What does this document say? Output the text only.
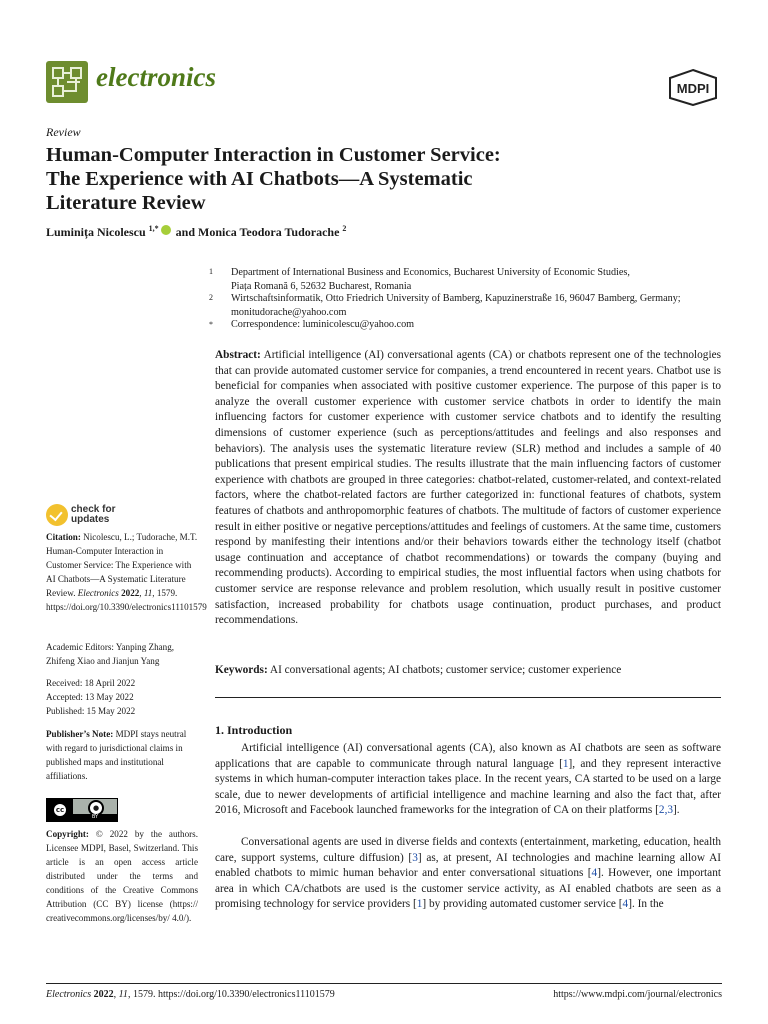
electronics	MDPI
Review
Human-Computer Interaction in Customer Service:
The Experience with AI Chatbots—A Systematic
Literature Review
Luminița Nicolescu $^{1,*}$ and Monica Teodora Tudorache $^2$
1 Department of International Business and Economics, Bucharest University of Economic Studies,
Piața Romană 6, 52632 Bucharest, Romania
2 Wirtschaftsinformatik, Otto Friedrich University of Bamberg, Kapuzinerstraße 16, 96047 Bamberg, Germany;
monitudorache@yahoo.com
* Correspondence: luminicolescu@yahoo.com
Abstract: Artificial intelligence (AI) conversational agents (CA) or chatbots represent one of the technologies that can provide automated customer service for companies, a trend encountered in recent years. Chatbot use is beneficial for companies when associated with positive customer experience. The purpose of this paper is to analyze the overall customer experience with customer service chatbots in order to identify the main influencing factors for customer experience with customer service chatbots and to identify the resulting dimensions of customer experience (such as perceptions/attitudes and feelings and also responses and behaviors). The analysis uses the systematic literature review (SLR) method and includes a sample of 40 publications that present empirical studies. The results illustrate that the main influencing factors of customer experience with chatbots are grouped in three categories: chatbot-related, customer-related, and context-related factors, where the chatbot-related factors are further categorized in: functional features of chatbots, system features of chatbots and anthropomorphic features of chatbots. The multitude of factors of customer experience result in either positive or negative perceptions/attitudes and feelings of customers. At the same time, customers respond by manifesting their intentions and/or their behaviors towards either the technology itself (chatbot usage continuation and acceptance of chatbot recommendations) or towards the company (buying and recommending products). According to empirical studies, the most influential factors when using chatbots for customer service are response relevance and problem resolution, which usually result in positive customer satisfaction, increased probability for chatbots usage continuation, product purchases, and product recommendations.
Keywords: AI conversational agents; AI chatbots; customer service; customer experience
1. Introduction
Artificial intelligence (AI) conversational agents (CA), also known as AI chatbots are seen as software applications that are capable to communicate through natural language [1], and they represent interactive systems in which human-computer interaction takes place. In the recent years, CA started to be used on a large scale, due to newer developments of artificial intelligence and machine learning and also the fact that, after 2016, Microsoft and Facebook launched frameworks for the integration of CA on their platforms [2,3].
Conversational agents are used in diverse fields and contexts (entertainment, marketing, education, health care, support systems, culture diffusion) [3] as, at present, AI technologies and machine learning allow AI enabled chatbots to mimic human behavior and enter conversational situations [4]. However, one important area in which CA/chatbots are used is the customer service activity, as AI enabled chatbots are seen as a promising technology for service providers [1] by providing automated customer service [4]. In the
check for
updates
Citation: Nicolescu, L.; Tudorache, M.T. Human-Computer Interaction in Customer Service: The Experience with AI Chatbots—A Systematic Literature Review. Electronics 2022, 11, 1579. https://doi.org/10.3390/electronics11101579
Academic Editors: Yanping Zhang, Zhifeng Xiao and Jianjun Yang
Received: 18 April 2022
Accepted: 13 May 2022
Published: 15 May 2022
Publisher’s Note: MDPI stays neutral with regard to jurisdictional claims in published maps and institutional affiliations.
cc	●
BY
Copyright: © 2022 by the authors. Licensee MDPI, Basel, Switzerland. This article is an open access article distributed under the terms and conditions of the Creative Commons Attribution (CC BY) license (https:// creativecommons.org/licenses/by/ 4.0/).
Electronics 2022, 11, 1579. https://doi.org/10.3390/electronics11101579	https://www.mdpi.com/journal/electronics
